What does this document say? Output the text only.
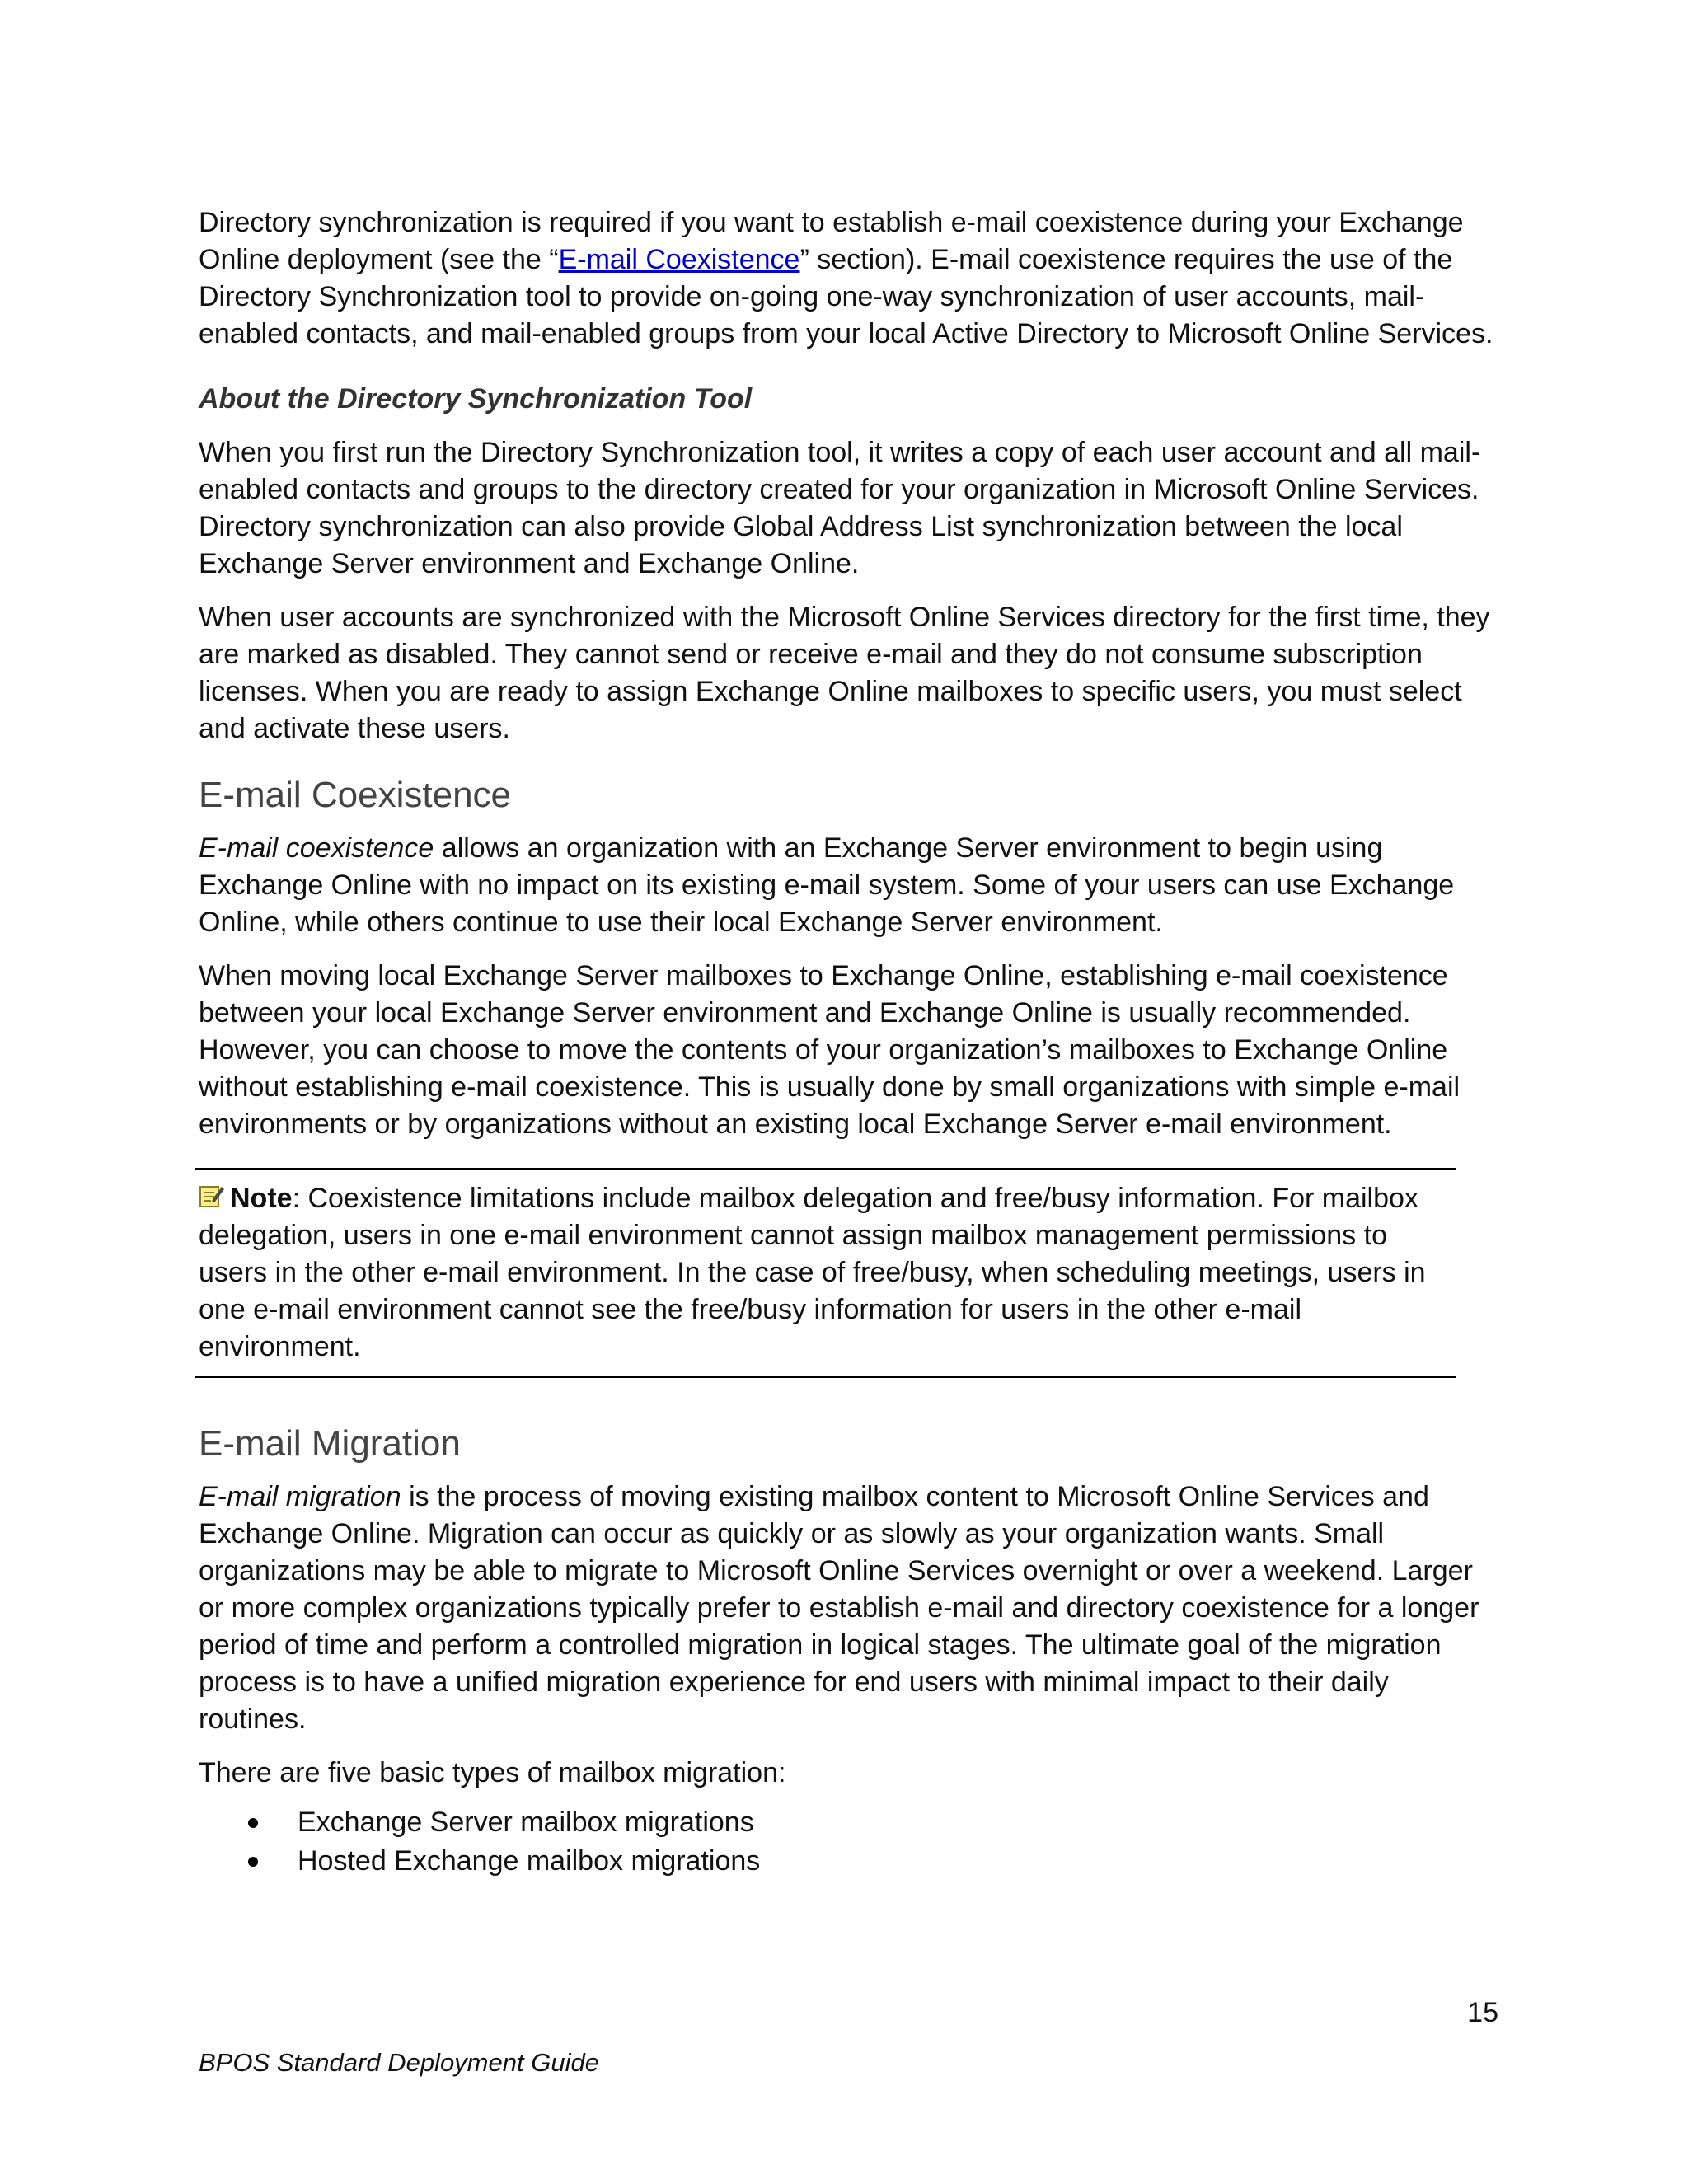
Directory synchronization is required if you want to establish e-mail coexistence during your Exchange Online deployment (see the “E-mail Coexistence” section). E-mail coexistence requires the use of the Directory Synchronization tool to provide on-going one-way synchronization of user accounts, mail-enabled contacts, and mail-enabled groups from your local Active Directory to Microsoft Online Services.

About the Directory Synchronization Tool

When you first run the Directory Synchronization tool, it writes a copy of each user account and all mail-enabled contacts and groups to the directory created for your organization in Microsoft Online Services. Directory synchronization can also provide Global Address List synchronization between the local Exchange Server environment and Exchange Online.

When user accounts are synchronized with the Microsoft Online Services directory for the first time, they are marked as disabled. They cannot send or receive e-mail and they do not consume subscription licenses. When you are ready to assign Exchange Online mailboxes to specific users, you must select and activate these users.

E-mail Coexistence

E-mail coexistence allows an organization with an Exchange Server environment to begin using Exchange Online with no impact on its existing e-mail system. Some of your users can use Exchange Online, while others continue to use their local Exchange Server environment.

When moving local Exchange Server mailboxes to Exchange Online, establishing e-mail coexistence between your local Exchange Server environment and Exchange Online is usually recommended. However, you can choose to move the contents of your organization’s mailboxes to Exchange Online without establishing e-mail coexistence. This is usually done by small organizations with simple e-mail environments or by organizations without an existing local Exchange Server e-mail environment.

Note: Coexistence limitations include mailbox delegation and free/busy information. For mailbox delegation, users in one e-mail environment cannot assign mailbox management permissions to users in the other e-mail environment. In the case of free/busy, when scheduling meetings, users in one e-mail environment cannot see the free/busy information for users in the other e-mail environment.

E-mail Migration

E-mail migration is the process of moving existing mailbox content to Microsoft Online Services and Exchange Online. Migration can occur as quickly or as slowly as your organization wants. Small organizations may be able to migrate to Microsoft Online Services overnight or over a weekend. Larger or more complex organizations typically prefer to establish e-mail and directory coexistence for a longer period of time and perform a controlled migration in logical stages. The ultimate goal of the migration process is to have a unified migration experience for end users with minimal impact to their daily routines.

There are five basic types of mailbox migration:

Exchange Server mailbox migrations
Hosted Exchange mailbox migrations
15
BPOS Standard Deployment Guide
